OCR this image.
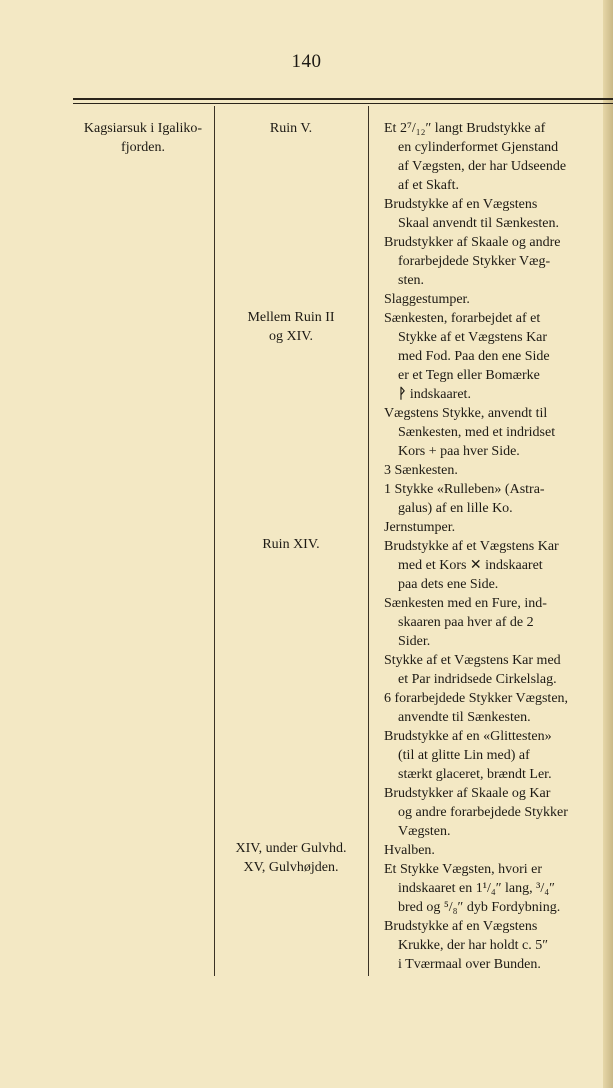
140
Kagsiarsuk i Igaliko-
fjorden.
Ruin V.
Mellem Ruin II
og XIV.
Ruin XIV.
XIV, under Gulvhd.
XV, Gulvhøjden.
Et 2⁷/₁₂″ langt Brudstykke af
en cylinderformet Gjenstand
af Vægsten, der har Udseende
af et Skaft.
Brudstykke af en Vægstens
Skaal anvendt til Sænkesten.
Brudstykker af Skaale og andre
forarbejdede Stykker Væg-
sten.
Slaggestumper.
Sænkesten, forarbejdet af et
Stykke af et Vægstens Kar
med Fod. Paa den ene Side
er et Tegn eller Bomærke
ᚹ indskaaret.
Vægstens Stykke, anvendt til
Sænkesten, med et indridset
Kors + paa hver Side.
3 Sænkesten.
1 Stykke «Rulleben» (Astra-
galus) af en lille Ko.
Jernstumper.
Brudstykke af et Vægstens Kar
med et Kors ✕ indskaaret
paa dets ene Side.
Sænkesten med en Fure, ind-
skaaren paa hver af de 2
Sider.
Stykke af et Vægstens Kar med
et Par indridsede Cirkelslag.
6 forarbejdede Stykker Vægsten,
anvendte til Sænkesten.
Brudstykke af en «Glittesten»
(til at glitte Lin med) af
stærkt glaceret, brændt Ler.
Brudstykker af Skaale og Kar
og andre forarbejdede Stykker
Vægsten.
Hvalben.
Et Stykke Vægsten, hvori er
indskaaret en 1¹/₄″ lang, ³/₄″
bred og ⁵/₈″ dyb Fordybning.
Brudstykke af en Vægstens
Krukke, der har holdt c. 5″
i Tværmaal over Bunden.
